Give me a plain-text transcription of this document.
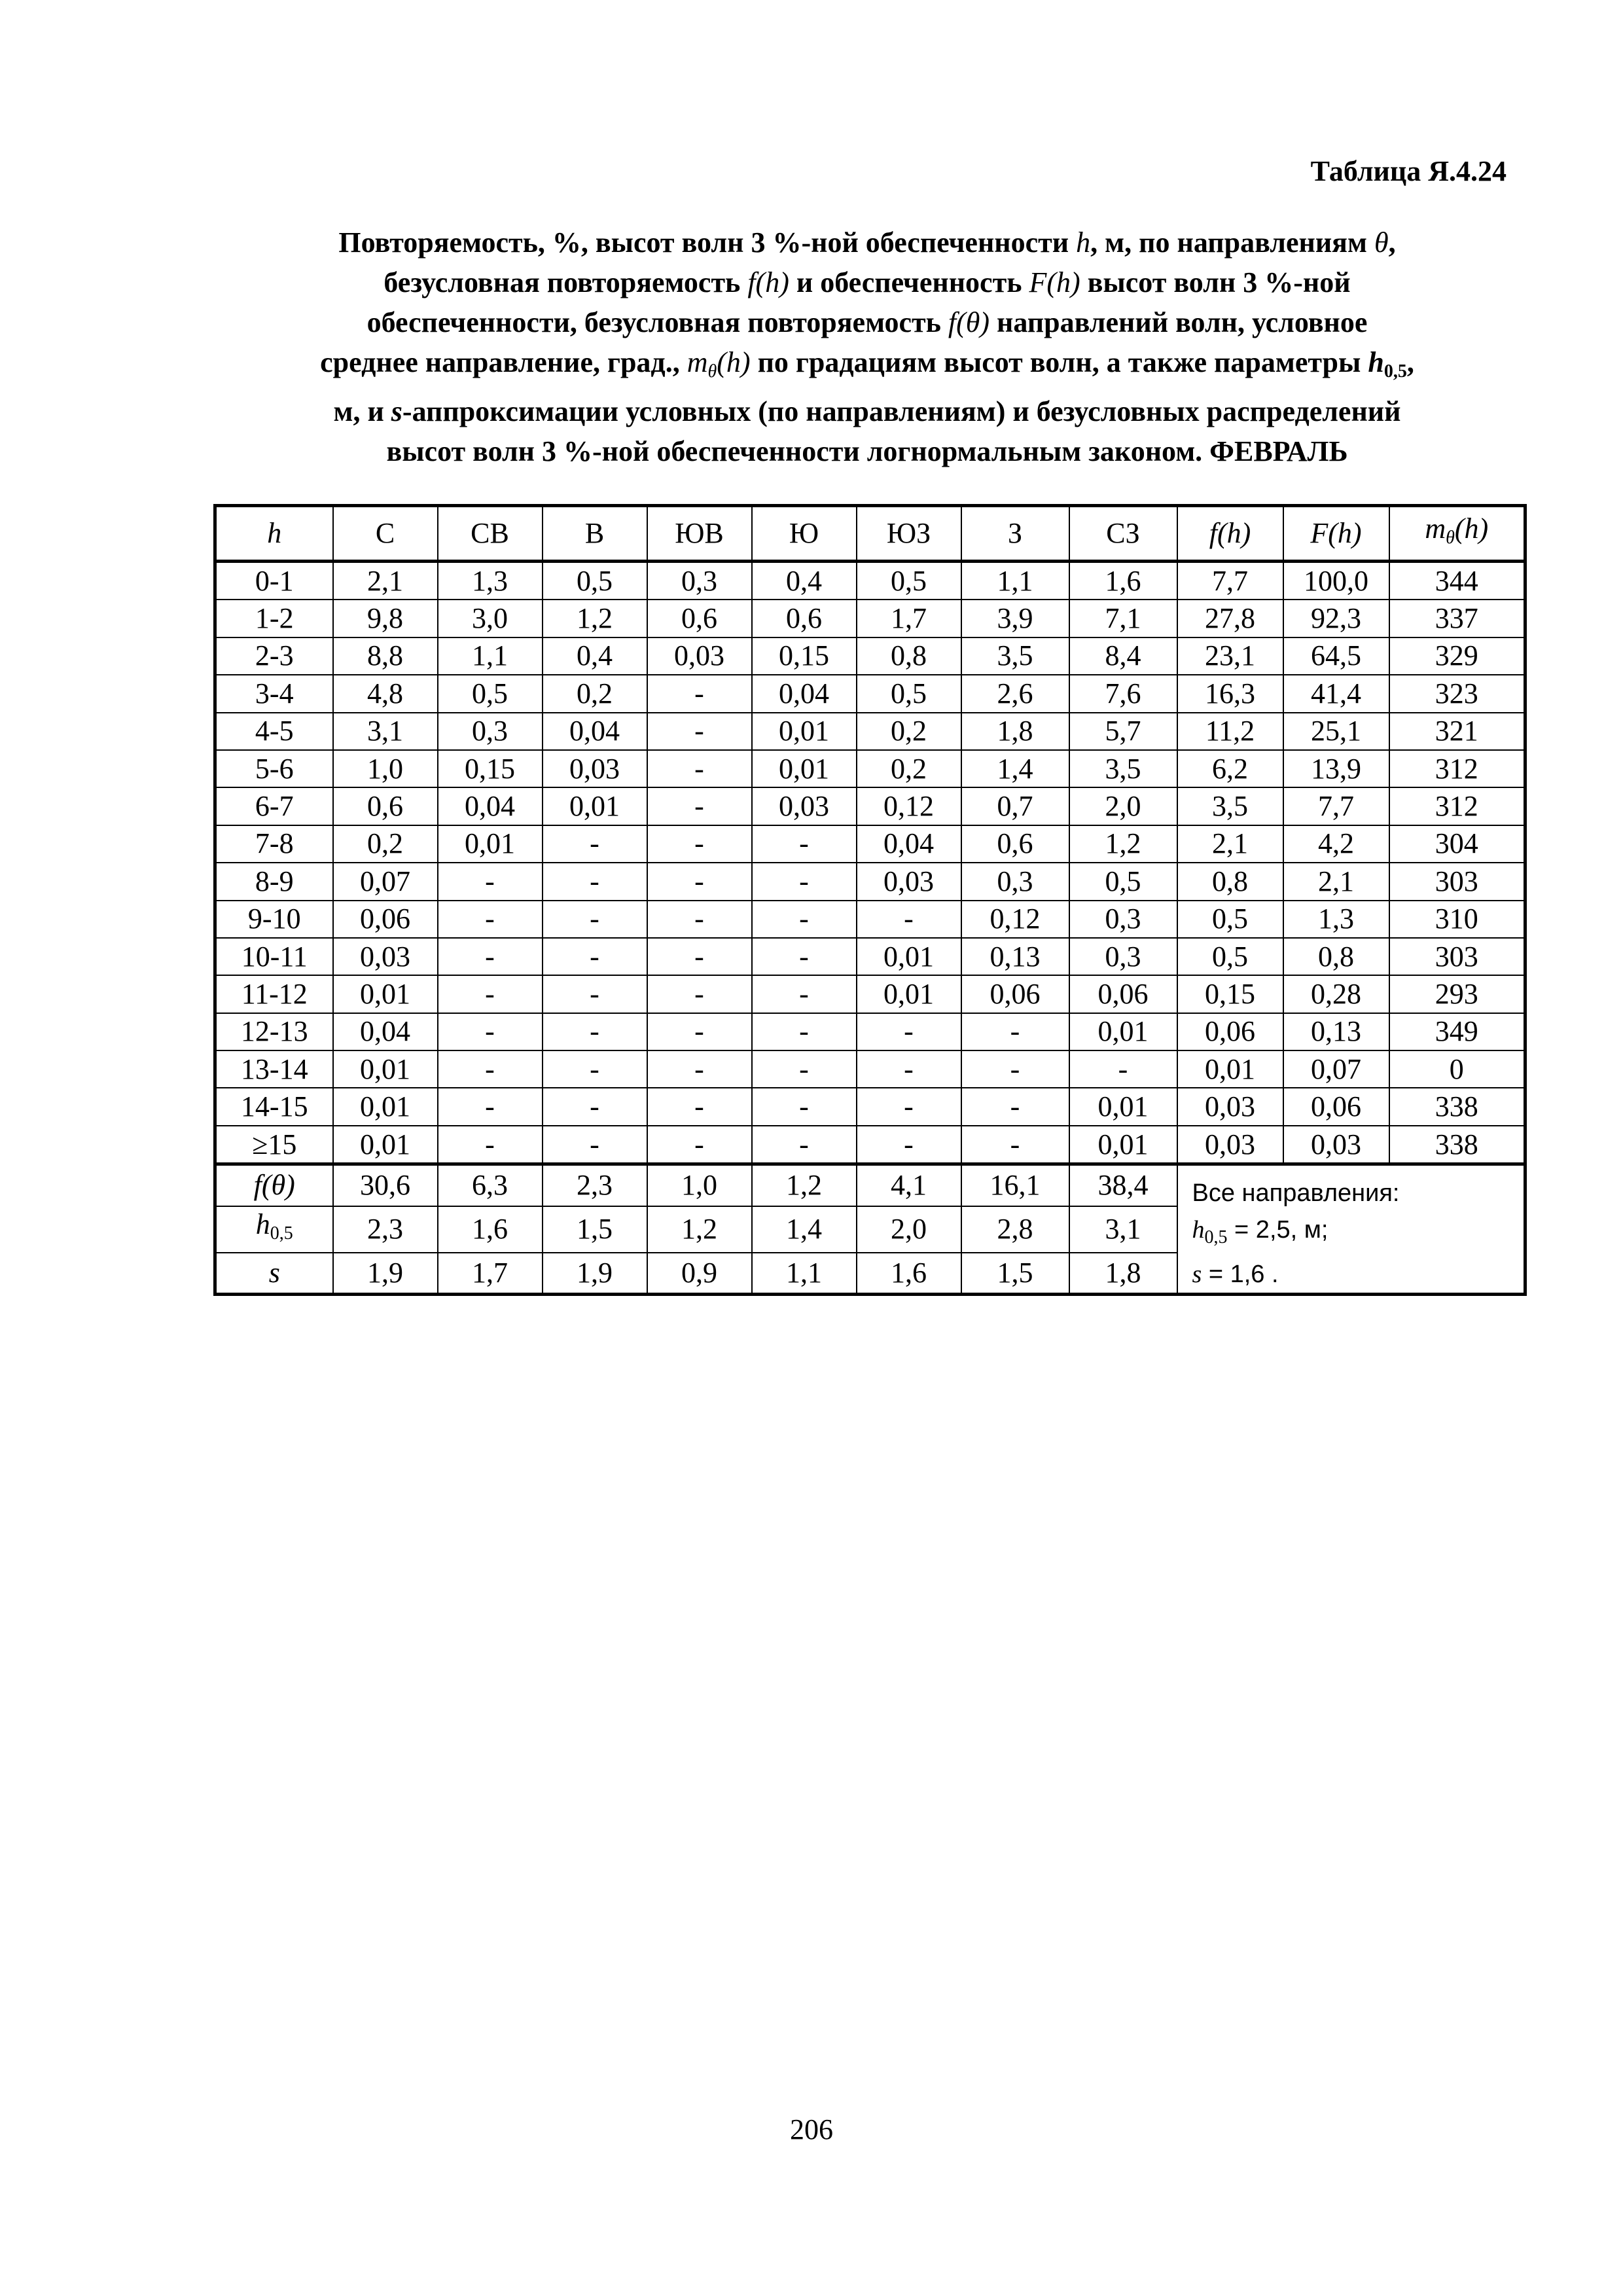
Таблица Я.4.24
Повторяемость, %, высот волн 3 %-ной обеспеченности h, м, по направлениям θ,
безусловная повторяемость f(h) и обеспеченность F(h) высот волн 3 %-ной
обеспеченности, безусловная повторяемость f(θ) направлений волн, условное
среднее направление, град., $m_\theta(h)$ по градациям высот волн, а также параметры $h_{0,5}$,
м, и s-аппроксимации условных (по направлениям) и безусловных распределений
высот волн 3 %-ной обеспеченности логнормальным законом. ФЕВРАЛЬ
h	С	СВ	В	ЮВ	Ю	ЮЗ	З	СЗ	f(h)	F(h)	$m_\theta(h)$
0-1	2,1	1,3	0,5	0,3	0,4	0,5	1,1	1,6	7,7	100,0	344
1-2	9,8	3,0	1,2	0,6	0,6	1,7	3,9	7,1	27,8	92,3	337
2-3	8,8	1,1	0,4	0,03	0,15	0,8	3,5	8,4	23,1	64,5	329
3-4	4,8	0,5	0,2	-	0,04	0,5	2,6	7,6	16,3	41,4	323
4-5	3,1	0,3	0,04	-	0,01	0,2	1,8	5,7	11,2	25,1	321
5-6	1,0	0,15	0,03	-	0,01	0,2	1,4	3,5	6,2	13,9	312
6-7	0,6	0,04	0,01	-	0,03	0,12	0,7	2,0	3,5	7,7	312
7-8	0,2	0,01	-	-	-	0,04	0,6	1,2	2,1	4,2	304
8-9	0,07	-	-	-	-	0,03	0,3	0,5	0,8	2,1	303
9-10	0,06	-	-	-	-	-	0,12	0,3	0,5	1,3	310
10-11	0,03	-	-	-	-	0,01	0,13	0,3	0,5	0,8	303
11-12	0,01	-	-	-	-	0,01	0,06	0,06	0,15	0,28	293
12-13	0,04	-	-	-	-	-	-	0,01	0,06	0,13	349
13-14	0,01	-	-	-	-	-	-	-	0,01	0,07	0
14-15	0,01	-	-	-	-	-	-	0,01	0,03	0,06	338
≥15	0,01	-	-	-	-	-	-	0,01	0,03	0,03	338
f(θ)	30,6	6,3	2,3	1,0	1,2	4,1	16,1	38,4	Все направления:
$h_{0,5} = 2,5$, м;
s = 1,6 .		

$h_{0,5}$	2,3	1,6	1,5	1,2	1,4	2,0	2,8	3,1			
s	1,9	1,7	1,9	0,9	1,1	1,6	1,5	1,8			
206
